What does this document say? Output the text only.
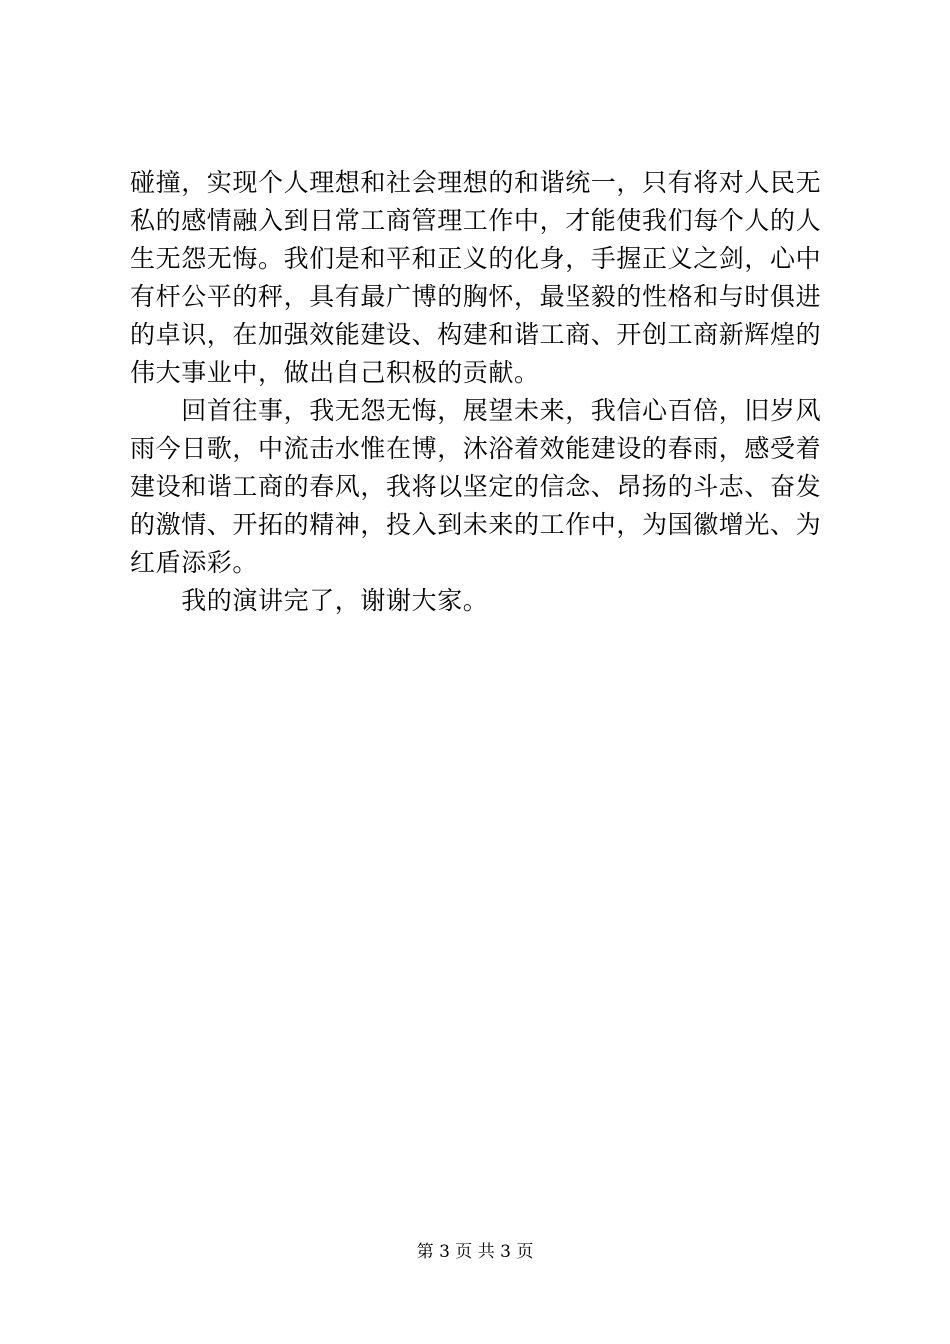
碰撞，实现个人理想和社会理想的和谐统一，只有将对人民无
私的感情融入到日常工商管理工作中，才能使我们每个人的人
生无怨无悔。我们是和平和正义的化身，手握正义之剑，心中
有杆公平的秤，具有最广博的胸怀，最坚毅的性格和与时俱进
的卓识，在加强效能建设、构建和谐工商、开创工商新辉煌的
伟大事业中，做出自己积极的贡献。
　　回首往事，我无怨无悔，展望未来，我信心百倍，旧岁风
雨今日歌，中流击水惟在博，沐浴着效能建设的春雨，感受着
建设和谐工商的春风，我将以坚定的信念、昂扬的斗志、奋发
的激情、开拓的精神，投入到未来的工作中，为国徽增光、为
红盾添彩。
　　我的演讲完了，谢谢大家。
第 3 页 共 3 页
